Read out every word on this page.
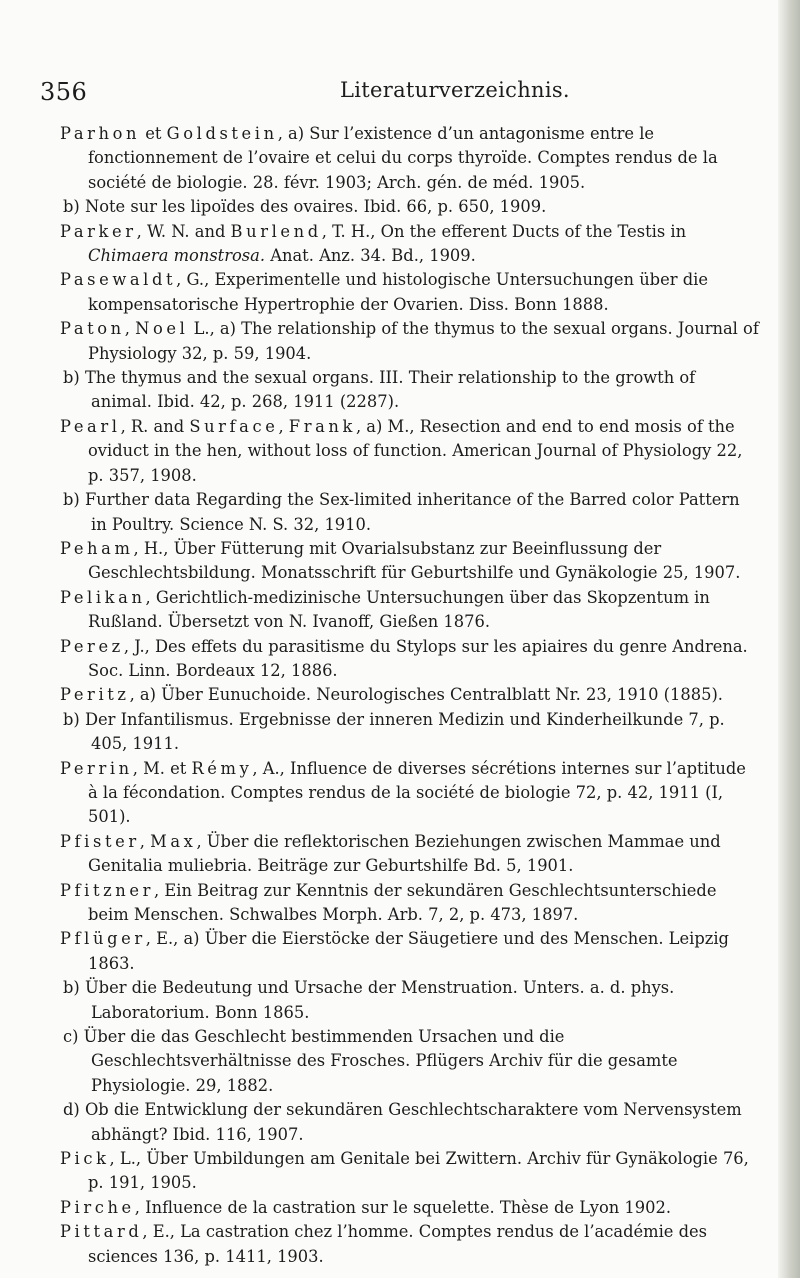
356	Literaturverzeichnis.

Parhon et Goldstein, a) Sur l’existence d’un antagonisme entre le fonctionnement de l’ovaire et celui du corps thyroïde. Comptes rendus de la société de biologie. 28. févr. 1903; Arch. gén. de méd. 1905.

b) Note sur les lipoïdes des ovaires. Ibid. 66, p. 650, 1909.

Parker, W. N. and Burlend, T. H., On the efferent Ducts of the Testis in Chimaera monstrosa. Anat. Anz. 34. Bd., 1909.

Pasewaldt, G., Experimentelle und histologische Untersuchungen über die kompensatorische Hypertrophie der Ovarien. Diss. Bonn 1888.

Paton, Noel L., a) The relationship of the thymus to the sexual organs. Journal of Physiology 32, p. 59, 1904.

b) The thymus and the sexual organs. III. Their relationship to the growth of animal. Ibid. 42, p. 268, 1911 (2287).

Pearl, R. and Surface, Frank, a) M., Resection and end to end mosis of the oviduct in the hen, without loss of function. American Journal of Physiology 22, p. 357, 1908.

b) Further data Regarding the Sex-limited inheritance of the Barred color Pattern in Poultry. Science N. S. 32, 1910.

Peham, H., Über Fütterung mit Ovarialsubstanz zur Beeinflussung der Geschlechtsbildung. Monatsschrift für Geburtshilfe und Gynäkologie 25, 1907.

Pelikan, Gerichtlich-medizinische Untersuchungen über das Skopzentum in Rußland. Übersetzt von N. Ivanoff, Gießen 1876.

Perez, J., Des effets du parasitisme du Stylops sur les apiaires du genre Andrena. Soc. Linn. Bordeaux 12, 1886.

Peritz, a) Über Eunuchoide. Neurologisches Centralblatt Nr. 23, 1910 (1885).

b) Der Infantilismus. Ergebnisse der inneren Medizin und Kinderheilkunde 7, p. 405, 1911.

Perrin, M. et Rémy, A., Influence de diverses sécrétions internes sur l’aptitude à la fécondation. Comptes rendus de la société de biologie 72, p. 42, 1911 (I, 501).

Pfister, Max, Über die reflektorischen Beziehungen zwischen Mammae und Genitalia muliebria. Beiträge zur Geburtshilfe Bd. 5, 1901.

Pfitzner, Ein Beitrag zur Kenntnis der sekundären Geschlechtsunterschiede beim Menschen. Schwalbes Morph. Arb. 7, 2, p. 473, 1897.

Pflüger, E., a) Über die Eierstöcke der Säugetiere und des Menschen. Leipzig 1863.

b) Über die Bedeutung und Ursache der Menstruation. Unters. a. d. phys. Laboratorium. Bonn 1865.

c) Über die das Geschlecht bestimmenden Ursachen und die Geschlechtsverhältnisse des Frosches. Pflügers Archiv für die gesamte Physiologie. 29, 1882.

d) Ob die Entwicklung der sekundären Geschlechtscharaktere vom Nervensystem abhängt? Ibid. 116, 1907.

Pick, L., Über Umbildungen am Genitale bei Zwittern. Archiv für Gynäkologie 76, p. 191, 1905.

Pirche, Influence de la castration sur le squelette. Thèse de Lyon 1902.

Pittard, E., La castration chez l’homme. Comptes rendus de l’académie des sciences 136, p. 1411, 1903.
